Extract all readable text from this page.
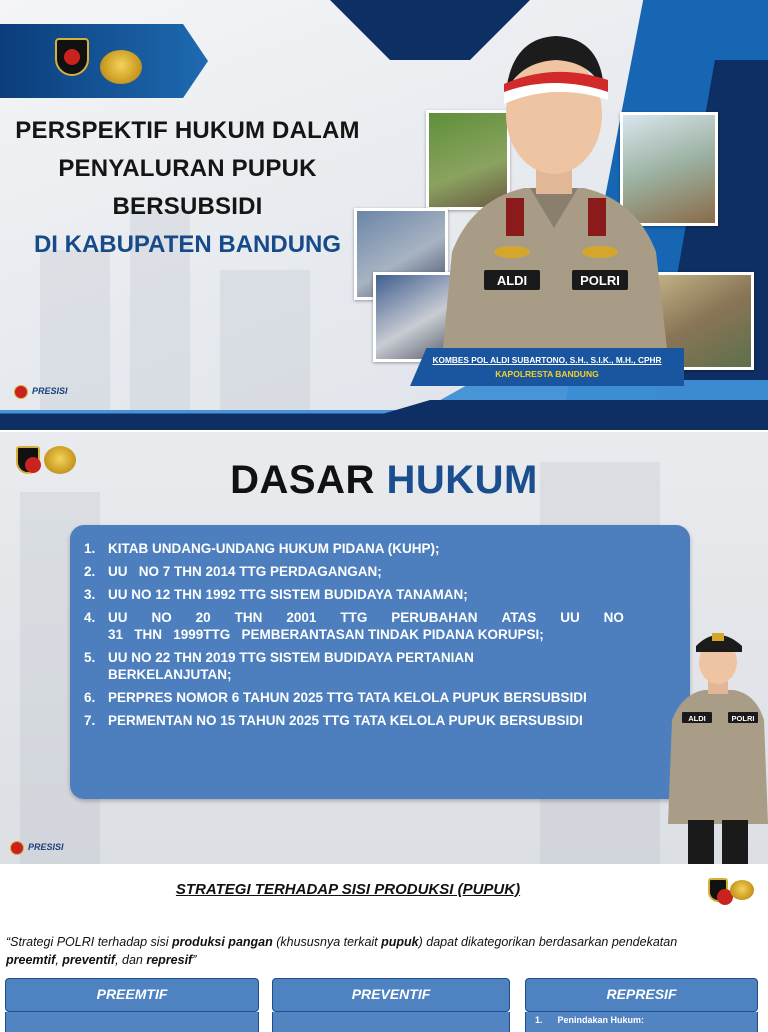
PERSPEKTIF HUKUM DALAM
PENYALURAN PUPUK
BERSUBSIDI
DI KABUPATEN BANDUNG
ALDI	POLRI
KOMBES POL ALDI SUBARTONO, S.H., S.I.K., M.H., CPHR
KAPOLRESTA BANDUNG
PRESISI
DASAR HUKUM
1. KITAB UNDANG-UNDANG HUKUM PIDANA (KUHP);
2. UU   NO 7 THN 2014 TTG PERDAGANGAN;
3. UU NO 12 THN 1992 TTG SISTEM BUDIDAYA TANAMAN;
4. UU NO 20 THN 2001 TTG PERUBAHAN ATAS UU NO
31   THN   1999TTG   PEMBERANTASAN TINDAK PIDANA KORUPSI;
5. UU NO 22 THN 2019 TTG SISTEM BUDIDAYA PERTANIAN
BERKELANJUTAN;
6. PERPRES NOMOR 6 TAHUN 2025 TTG TATA KELOLA PUPUK BERSUBSIDI
7. PERMENTAN NO 15 TAHUN 2025 TTG TATA KELOLA PUPUK BERSUBSIDI	ALDI	POLRI
PRESISI
STRATEGI TERHADAP SISI PRODUKSI (PUPUK)
“Strategi POLRI terhadap sisi produksi pangan (khususnya terkait pupuk) dapat dikategorikan berdasarkan pendekatan preemtif, preventif, dan represif”
PREEMTIF	PREVENTIF	REPRESIF
1.      Penindakan Hukum:
